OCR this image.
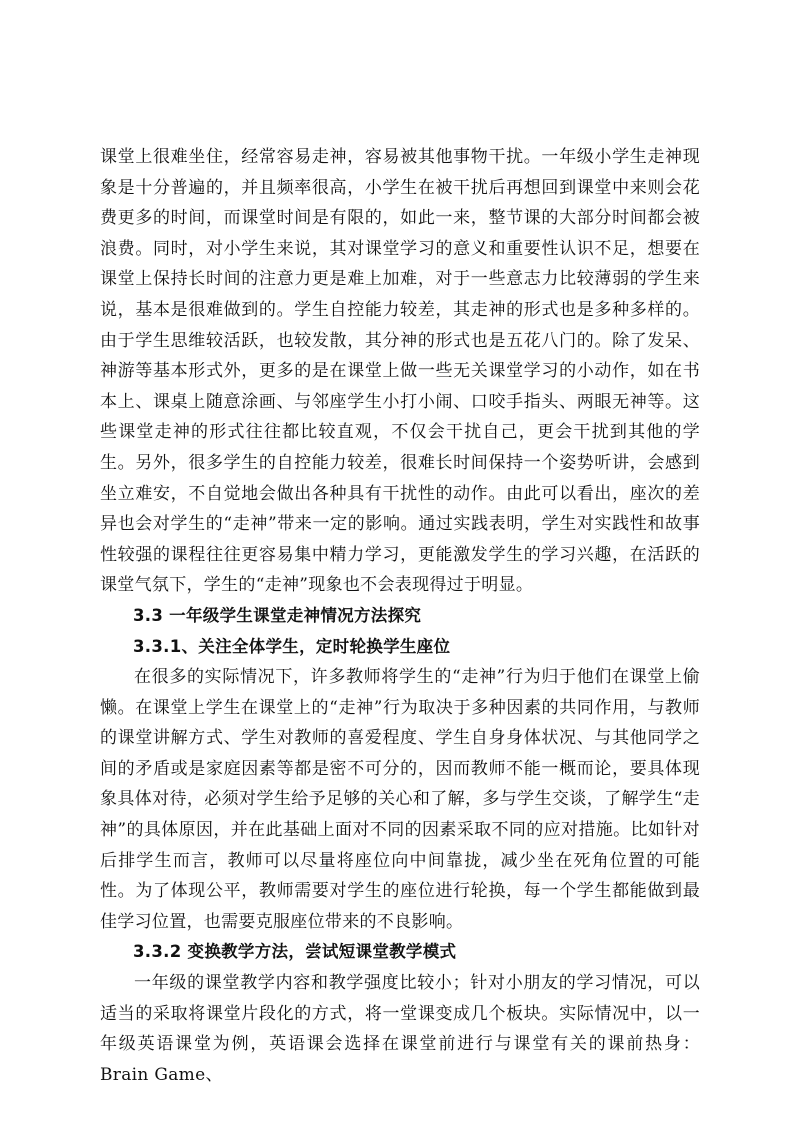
课堂上很难坐住，经常容易走神，容易被其他事物干扰。一年级小学生走神现象是十分普遍的，并且频率很高，小学生在被干扰后再想回到课堂中来则会花费更多的时间，而课堂时间是有限的，如此一来，整节课的大部分时间都会被浪费。同时，对小学生来说，其对课堂学习的意义和重要性认识不足，想要在课堂上保持长时间的注意力更是难上加难，对于一些意志力比较薄弱的学生来说，基本是很难做到的。学生自控能力较差，其走神的形式也是多种多样的。由于学生思维较活跃，也较发散，其分神的形式也是五花八门的。除了发呆、神游等基本形式外，更多的是在课堂上做一些无关课堂学习的小动作，如在书本上、课桌上随意涂画、与邻座学生小打小闹、口咬手指头、两眼无神等。这些课堂走神的形式往往都比较直观，不仅会干扰自己，更会干扰到其他的学生。另外，很多学生的自控能力较差，很难长时间保持一个姿势听讲，会感到坐立难安，不自觉地会做出各种具有干扰性的动作。由此可以看出，座次的差异也会对学生的“走神”带来一定的影响。通过实践表明，学生对实践性和故事性较强的课程往往更容易集中精力学习，更能激发学生的学习兴趣，在活跃的课堂气氛下，学生的“走神”现象也不会表现得过于明显。

3.3 一年级学生课堂走神情况方法探究

3.3.1、关注全体学生，定时轮换学生座位

在很多的实际情况下，许多教师将学生的“走神”行为归于他们在课堂上偷懒。在课堂上学生在课堂上的“走神”行为取决于多种因素的共同作用，与教师的课堂讲解方式、学生对教师的喜爱程度、学生自身身体状况、与其他同学之间的矛盾或是家庭因素等都是密不可分的，因而教师不能一概而论，要具体现象具体对待，必须对学生给予足够的关心和了解，多与学生交谈，了解学生“走神”的具体原因，并在此基础上面对不同的因素采取不同的应对措施。比如针对后排学生而言，教师可以尽量将座位向中间靠拢，减少坐在死角位置的可能性。为了体现公平，教师需要对学生的座位进行轮换，每一个学生都能做到最佳学习位置，也需要克服座位带来的不良影响。

3.3.2 变换教学方法，尝试短课堂教学模式

一年级的课堂教学内容和教学强度比较小；针对小朋友的学习情况，可以适当的采取将课堂片段化的方式，将一堂课变成几个板块。实际情况中，以一年级英语课堂为例，英语课会选择在课堂前进行与课堂有关的课前热身：Brain Game、
